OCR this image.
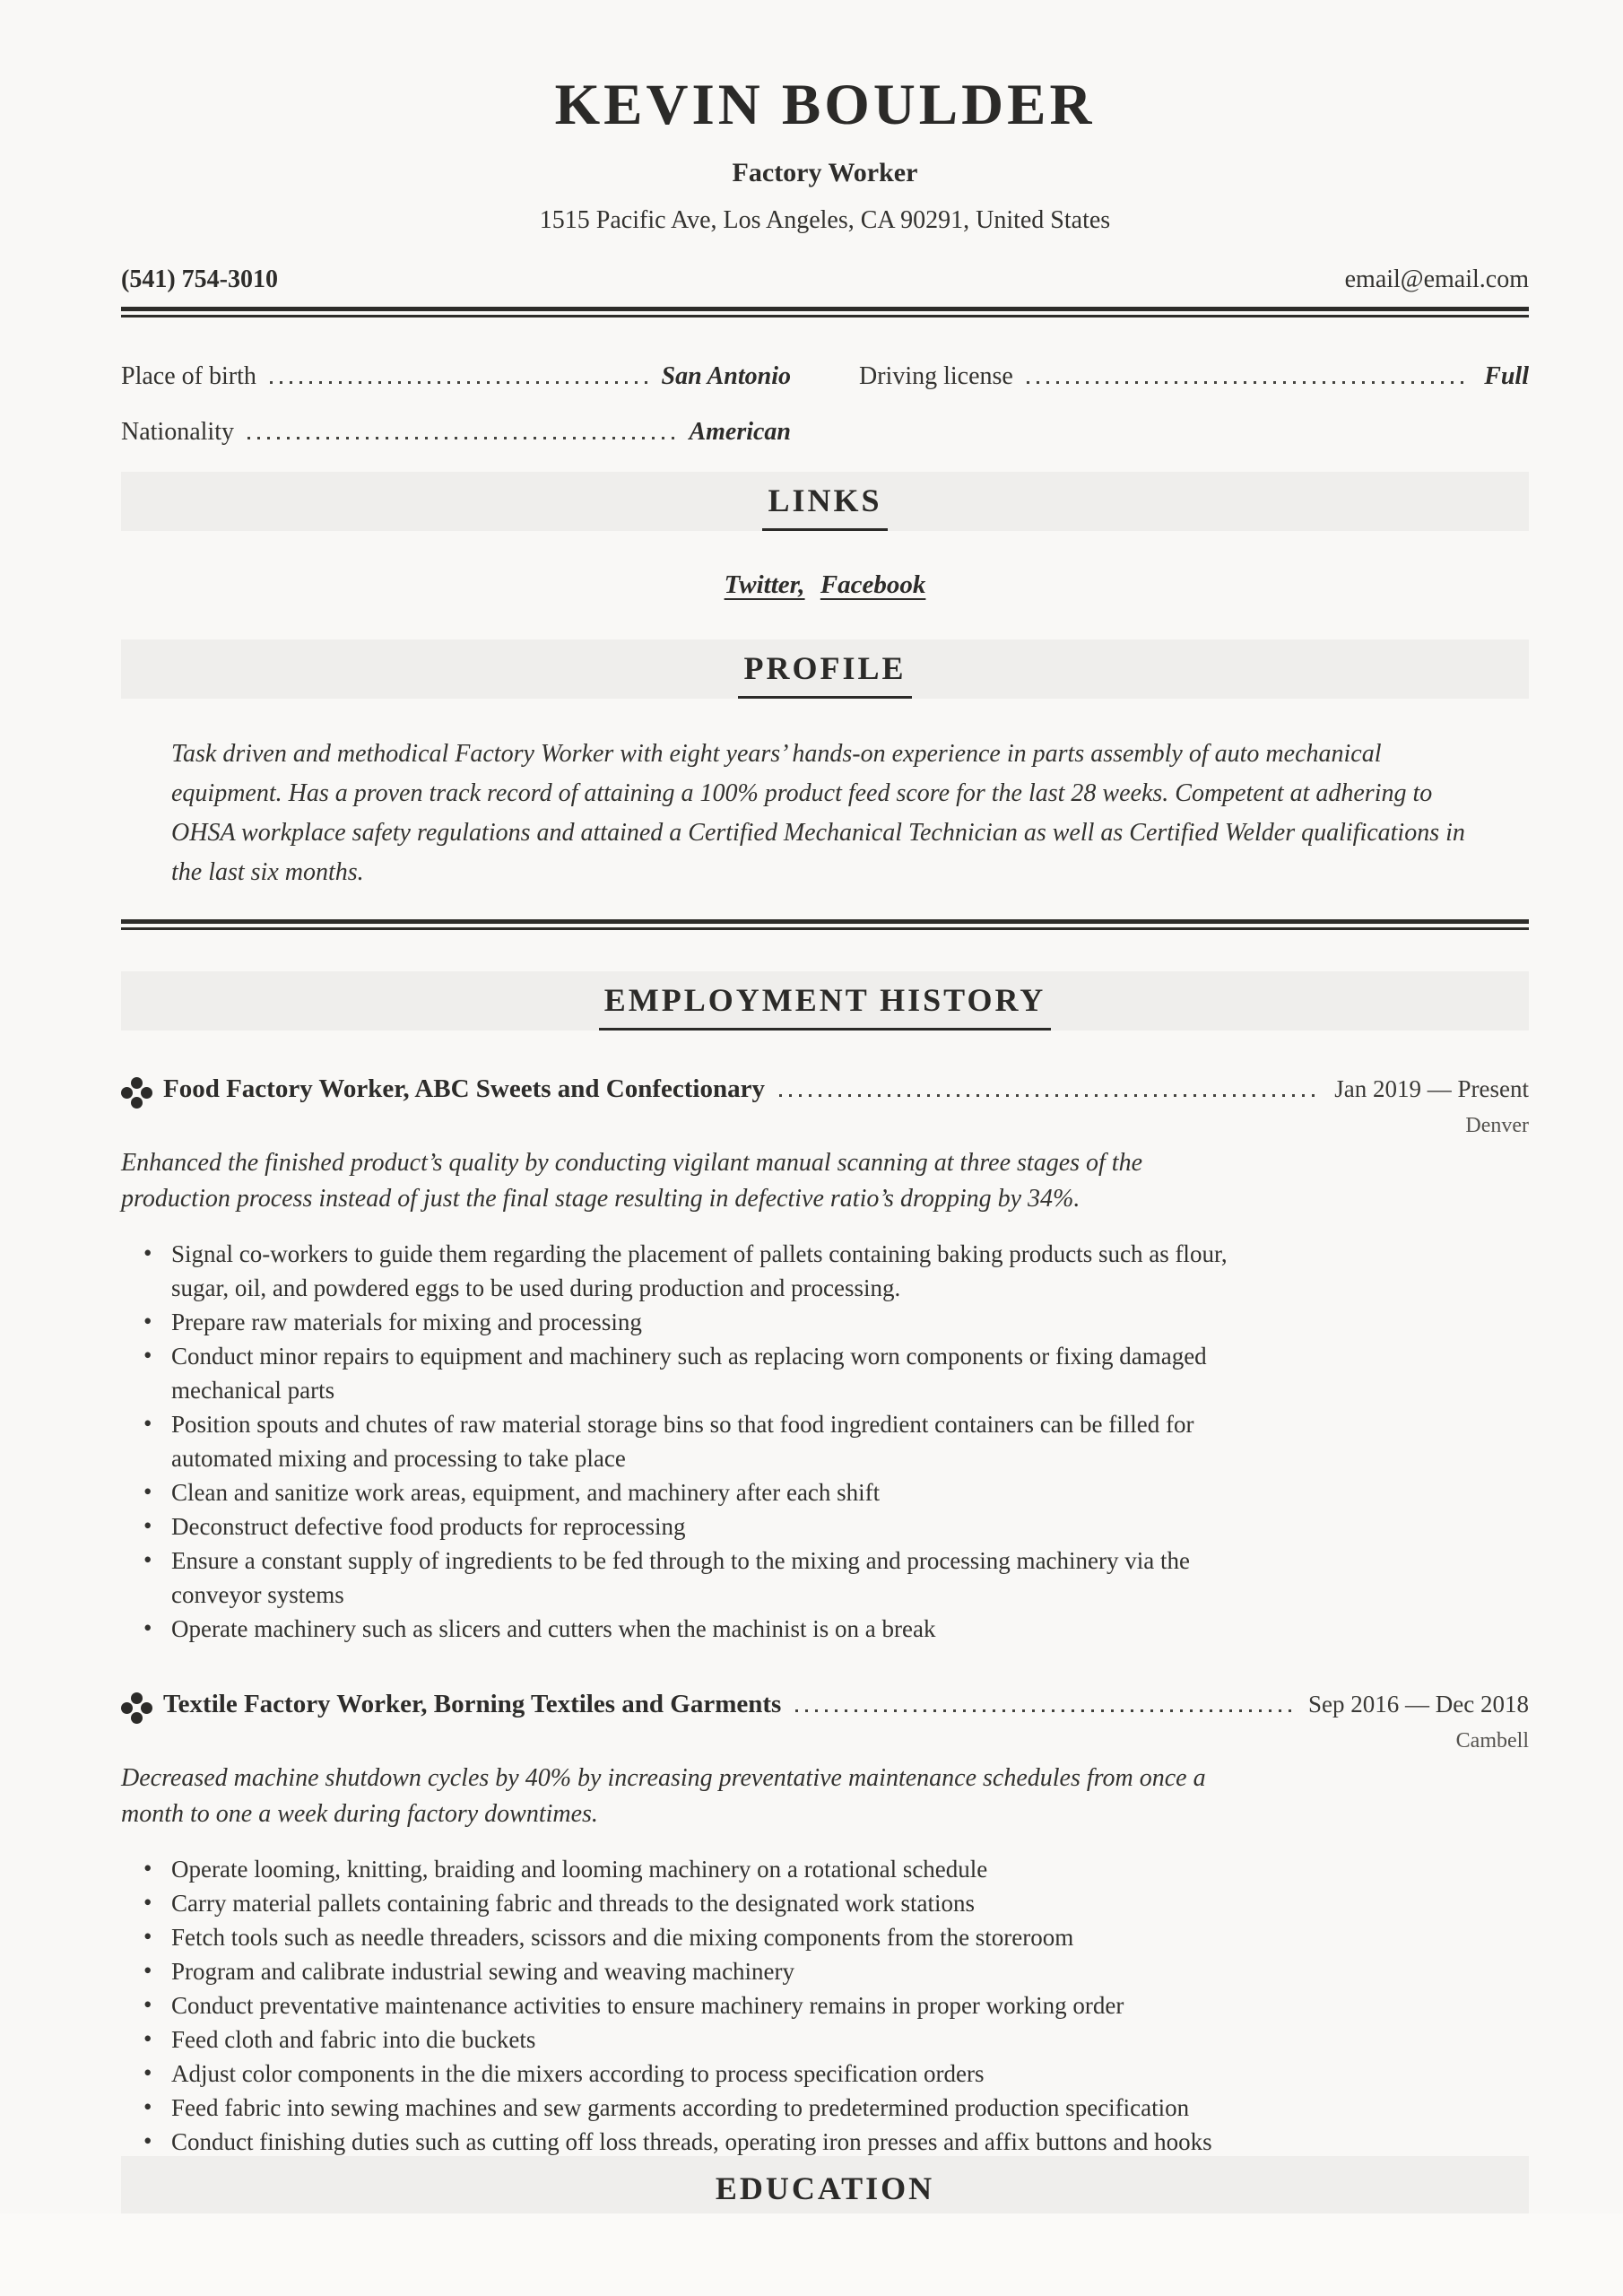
KEVIN BOULDER
Factory Worker
1515 Pacific Ave, Los Angeles, CA 90291, United States
(541) 754-3010	email@email.com
Place of birth	San Antonio	Driving license	Full
Nationality	American
LINKS
Twitter, Facebook
PROFILE

Task driven and methodical Factory Worker with eight years’ hands-on experience in parts assembly of auto mechanical equipment. Has a proven track record of attaining a 100% product feed score for the last 28 weeks. Competent at adhering to OHSA workplace safety regulations and attained a Certified Mechanical Technician as well as Certified Welder qualifications in the last six months.

EMPLOYMENT HISTORY
Food Factory Worker, ABC Sweets and Confectionary	Jan 2019 — Present
Denver

Enhanced the finished product’s quality by conducting vigilant manual scanning at three stages of the production process instead of just the final stage resulting in defective ratio’s dropping by 34%.

• Signal co-workers to guide them regarding the placement of pallets containing baking products such as flour, sugar, oil, and powdered eggs to be used during production and processing.
• Prepare raw materials for mixing and processing
• Conduct minor repairs to equipment and machinery such as replacing worn components or fixing damaged mechanical parts
• Position spouts and chutes of raw material storage bins so that food ingredient containers can be filled for automated mixing and processing to take place
• Clean and sanitize work areas, equipment, and machinery after each shift
• Deconstruct defective food products for reprocessing
• Ensure a constant supply of ingredients to be fed through to the mixing and processing machinery via the conveyor systems
• Operate machinery such as slicers and cutters when the machinist is on a break
Textile Factory Worker, Borning Textiles and Garments	Sep 2016 — Dec 2018
Cambell

Decreased machine shutdown cycles by 40% by increasing preventative maintenance schedules from once a month to one a week during factory downtimes.

• Operate looming, knitting, braiding and looming machinery on a rotational schedule
• Carry material pallets containing fabric and threads to the designated work stations
• Fetch tools such as needle threaders, scissors and die mixing components from the storeroom
• Program and calibrate industrial sewing and weaving machinery
• Conduct preventative maintenance activities to ensure machinery remains in proper working order
• Feed cloth and fabric into die buckets
• Adjust color components in the die mixers according to process specification orders
• Feed fabric into sewing machines and sew garments according to predetermined production specification
• Conduct finishing duties such as cutting off loss threads, operating iron presses and affix buttons and hooks
•
EDUCATION
